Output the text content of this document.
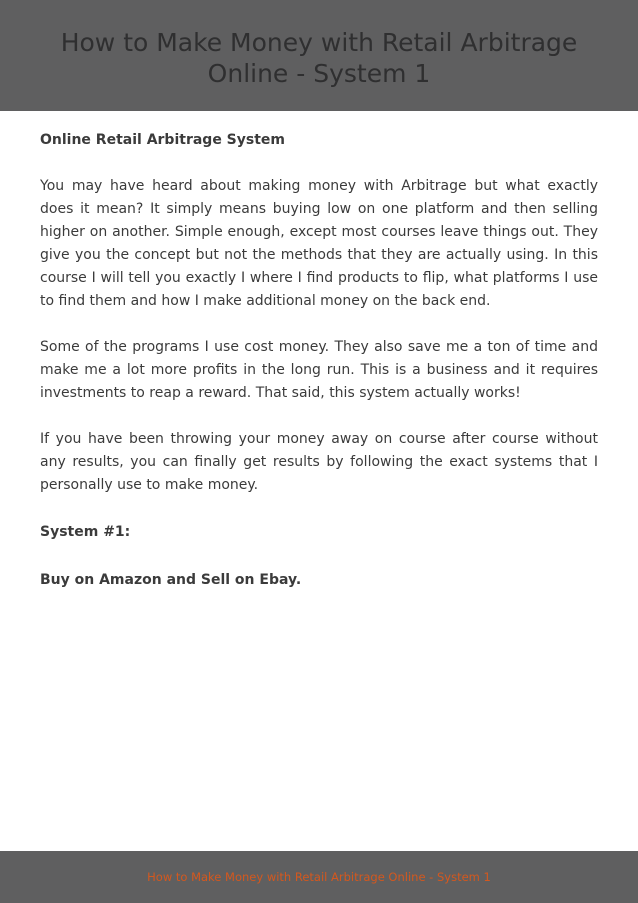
How to Make Money with Retail Arbitrage
Online - System 1
Online Retail Arbitrage System

You may have heard about making money with Arbitrage but what exactly does it mean? It simply means buying low on one platform and then selling higher on another. Simple enough, except most courses leave things out. They give you the concept but not the methods that they are actually using. In this course I will tell you exactly I where I find products to flip, what platforms I use to find them and how I make additional money on the back end.

Some of the programs I use cost money. They also save me a ton of time and make me a lot more profits in the long run. This is a business and it requires investments to reap a reward. That said, this system actually works!

If you have been throwing your money away on course after course without any results, you can finally get results by following the exact systems that I personally use to make money.

System #1:
Buy on Amazon and Sell on Ebay.
How to Make Money with Retail Arbitrage Online - System 1
